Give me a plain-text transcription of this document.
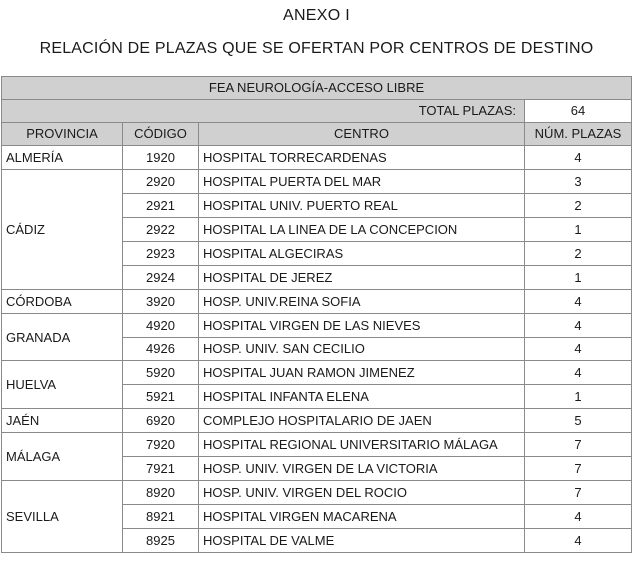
ANEXO I
RELACIÓN DE PLAZAS QUE SE OFERTAN POR CENTROS DE DESTINO
FEA NEUROLOGÍA-ACCESO LIBRE			
TOTAL PLAZAS:			64
PROVINCIA	CÓDIGO	CENTRO	NÚM. PLAZAS
ALMERÍA	1920	HOSPITAL TORRECARDENAS	4
CÁDIZ	2920	HOSPITAL PUERTA DEL MAR	3
	2921	HOSPITAL UNIV. PUERTO REAL	2
	2922	HOSPITAL LA LINEA DE LA CONCEPCION	1
	2923	HOSPITAL ALGECIRAS	2
	2924	HOSPITAL DE JEREZ	1
CÓRDOBA	3920	HOSP. UNIV.REINA SOFIA	4
GRANADA	4920	HOSPITAL VIRGEN DE LAS NIEVES	4
	4926	HOSP. UNIV. SAN CECILIO	4
HUELVA	5920	HOSPITAL JUAN RAMON JIMENEZ	4
	5921	HOSPITAL INFANTA ELENA	1
JAÉN	6920	COMPLEJO HOSPITALARIO DE JAEN	5
MÁLAGA	7920	HOSPITAL REGIONAL UNIVERSITARIO MÁLAGA	7
	7921	HOSP. UNIV. VIRGEN DE LA VICTORIA	7
SEVILLA	8920	HOSP. UNIV. VIRGEN DEL ROCIO	7
	8921	HOSPITAL VIRGEN MACARENA	4
	8925	HOSPITAL DE VALME	4
